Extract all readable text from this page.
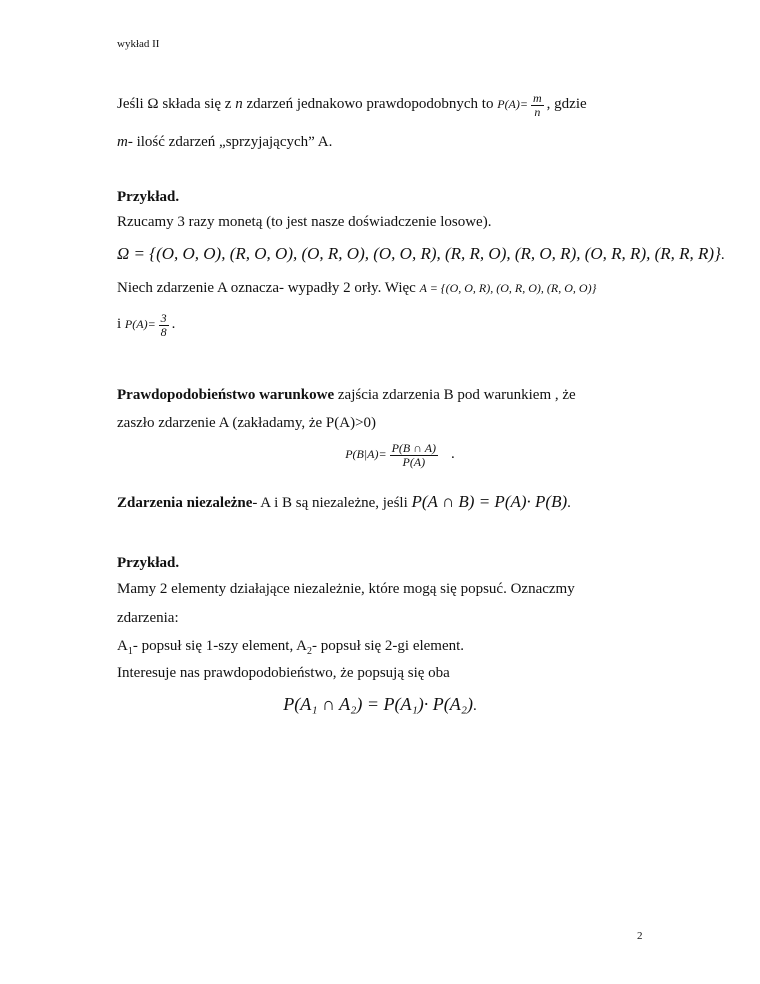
wykład II
Jeśli Ω składa się z n zdarzeń jednakowo prawdopodobnych to $P(A)= \frac{m}{n}$ , gdzie
m- ilość zdarzeń „sprzyjających” A.
Przykład.
Rzucamy 3 razy monetą (to jest nasze doświadczenie losowe).
Ω = {(O, O, O), (R, O, O), (O, R, O), (O, O, R), (R, R, O), (R, O, R), (O, R, R), (R, R, R)}.
Niech zdarzenie A oznacza- wypadły 2 orły. Więc A = {(O, O, R), (O, R, O), (R, O, O)}
i $P(A)= \frac{3}{8}$ .
Prawdopodobieństwo warunkowe zajścia zdarzenia B pod warunkiem , że
zaszło zdarzenie A (zakładamy, że P(A)>0)
$P(B|A)= \frac{P(B \cap A)}{P(A)}$ .
Zdarzenia niezależne- A i B są niezależne, jeśli P(A ∩ B) = P(A)· P(B).
Przykład.
Mamy 2 elementy działające niezależnie, które mogą się popsuć. Oznaczmy
zdarzenia:
$A_1-$ popsuł się 1-szy element, $A_2-$ popsuł się 2-gi element.
Interesuje nas prawdopodobieństwo, że popsują się oba
P(A₁ ∩ A₂) = P(A₁)· P(A₂).
2
